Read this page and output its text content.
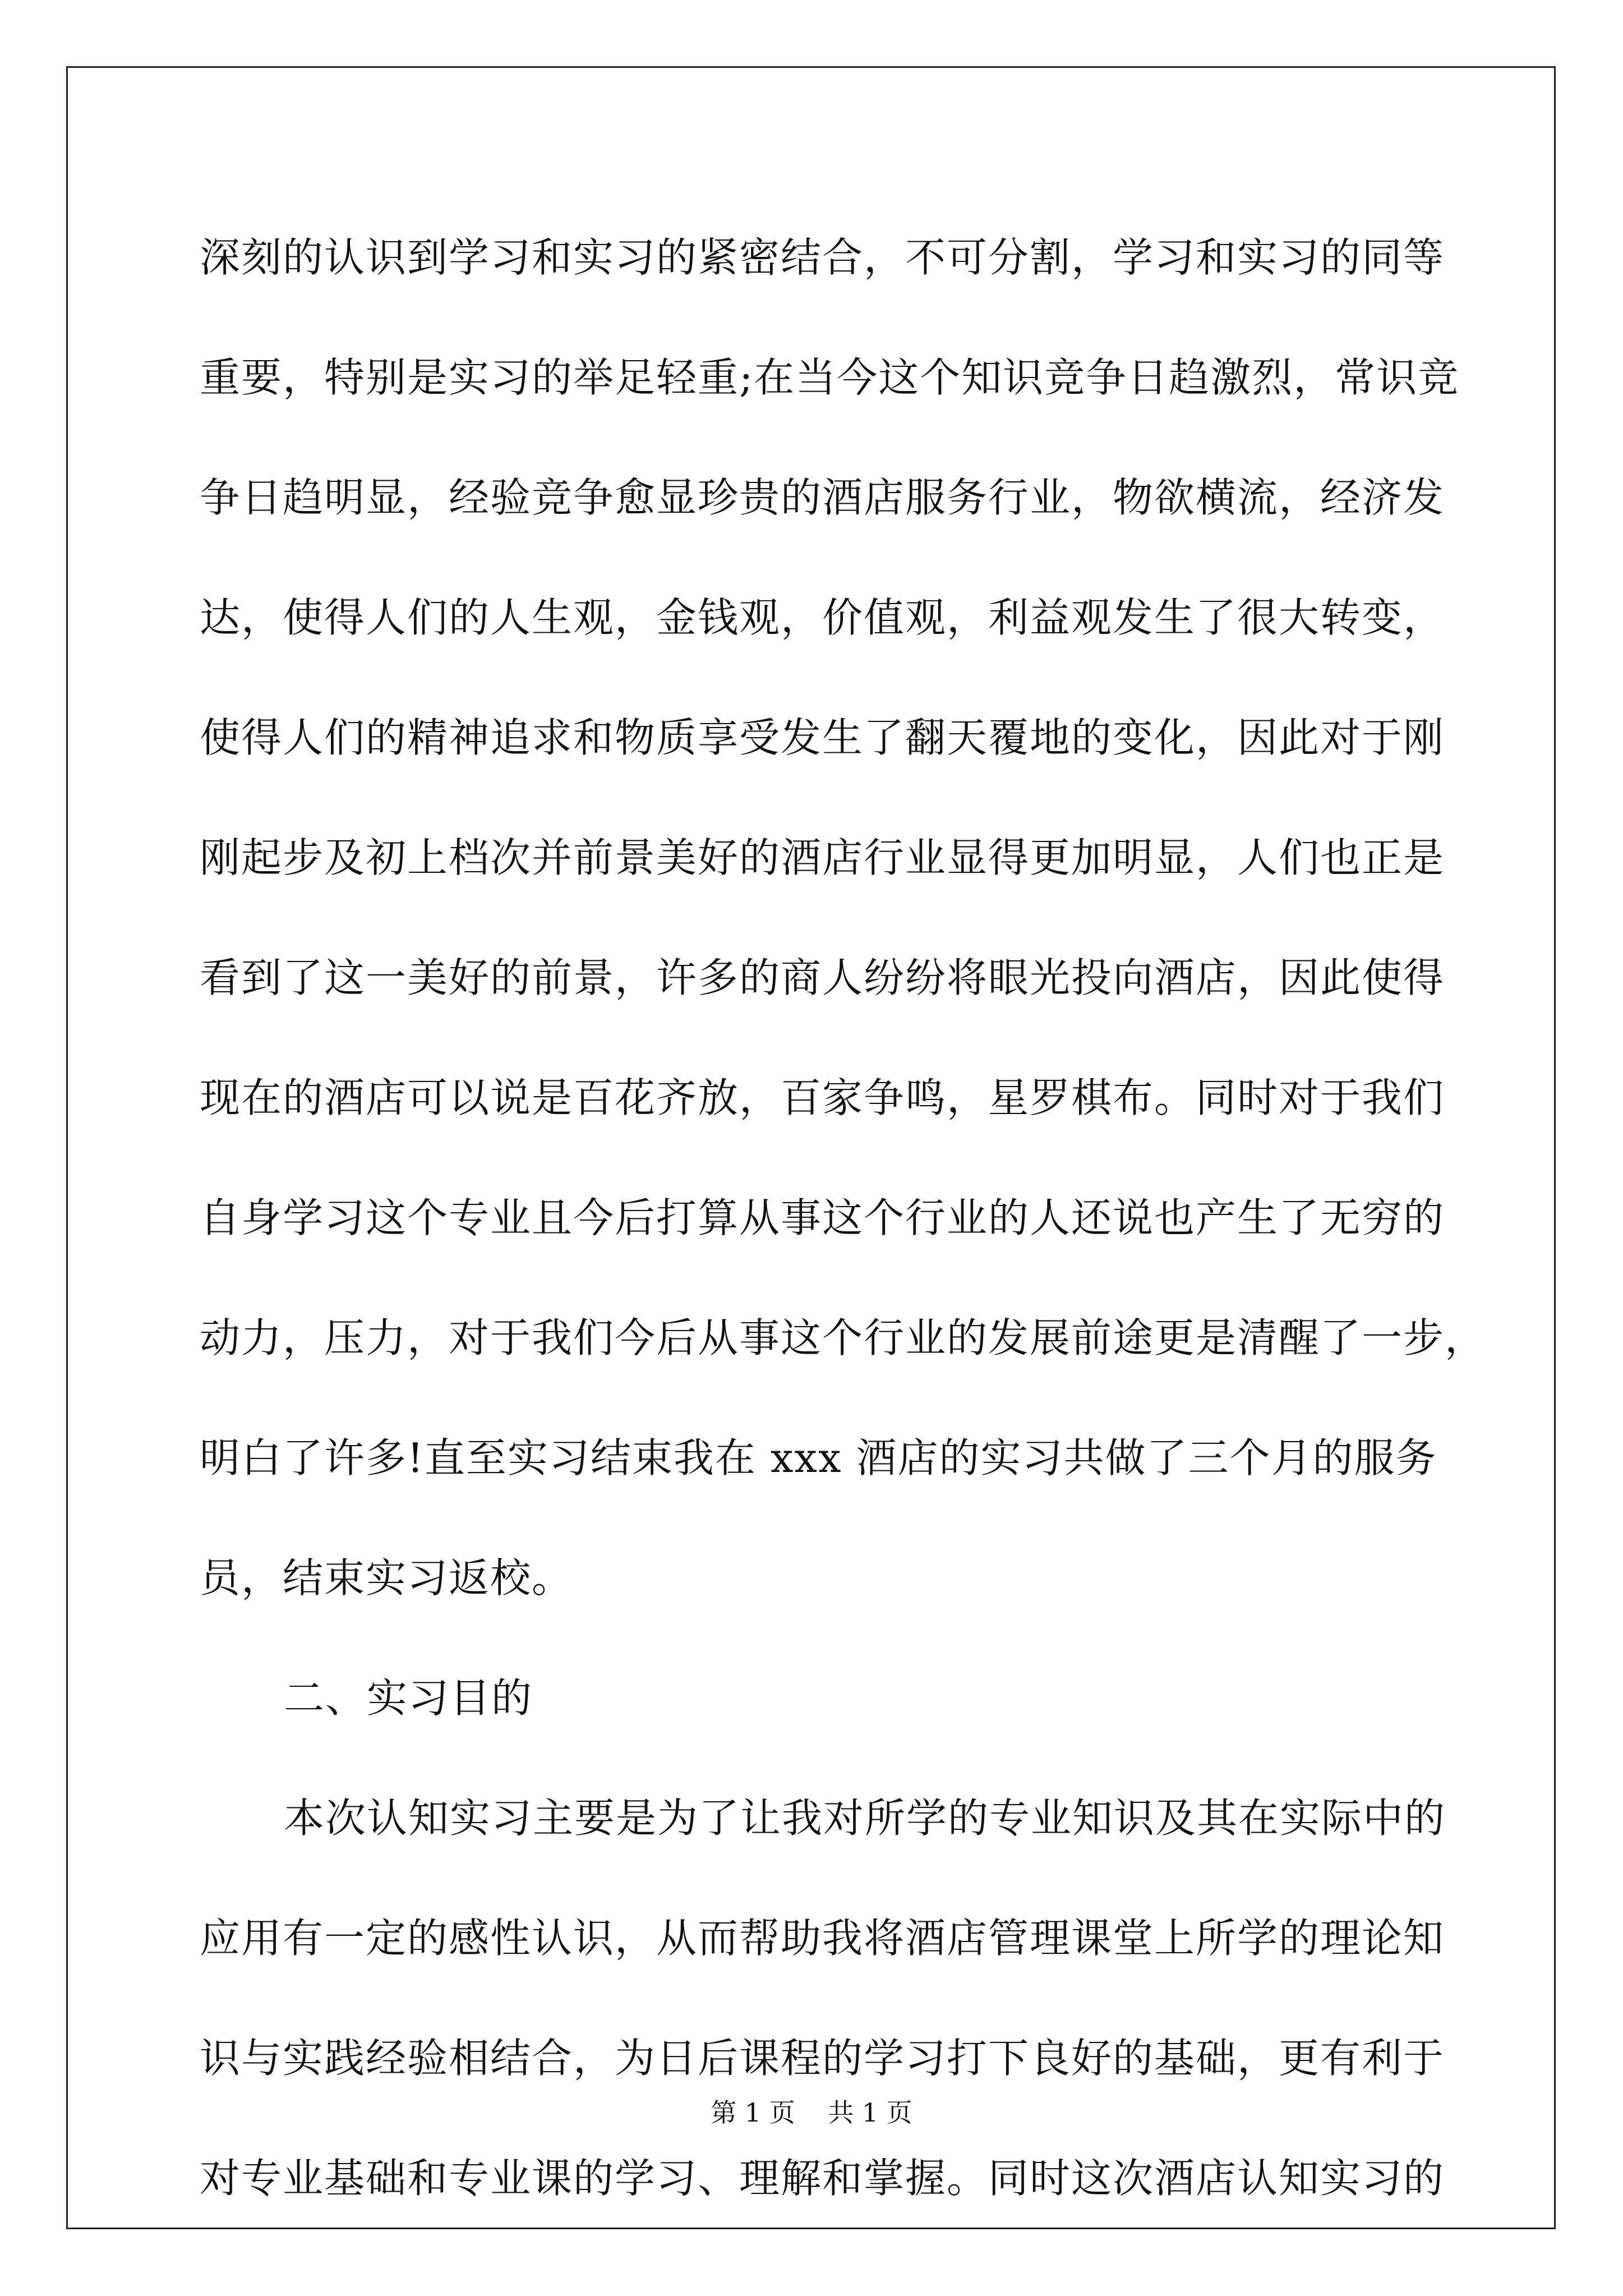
深刻的认识到学习和实习的紧密结合，不可分割，学习和实习的同等
重要，特别是实习的举足轻重;在当今这个知识竞争日趋激烈，常识竞
争日趋明显，经验竞争愈显珍贵的酒店服务行业，物欲横流，经济发
达，使得人们的人生观，金钱观，价值观，利益观发生了很大转变，
使得人们的精神追求和物质享受发生了翻天覆地的变化，因此对于刚
刚起步及初上档次并前景美好的酒店行业显得更加明显，人们也正是
看到了这一美好的前景，许多的商人纷纷将眼光投向酒店，因此使得
现在的酒店可以说是百花齐放，百家争鸣，星罗棋布。同时对于我们
自身学习这个专业且今后打算从事这个行业的人还说也产生了无穷的
动力，压力，对于我们今后从事这个行业的发展前途更是清醒了一步，
明白了许多!直至实习结束我在 xxx 酒店的实习共做了三个月的服务
员，结束实习返校。
二、实习目的
本次认知实习主要是为了让我对所学的专业知识及其在实际中的
应用有一定的感性认识，从而帮助我将酒店管理课堂上所学的理论知
识与实践经验相结合，为日后课程的学习打下良好的基础，更有利于
对专业基础和专业课的学习、理解和掌握。同时这次酒店认知实习的
第 1 页    共 1 页
